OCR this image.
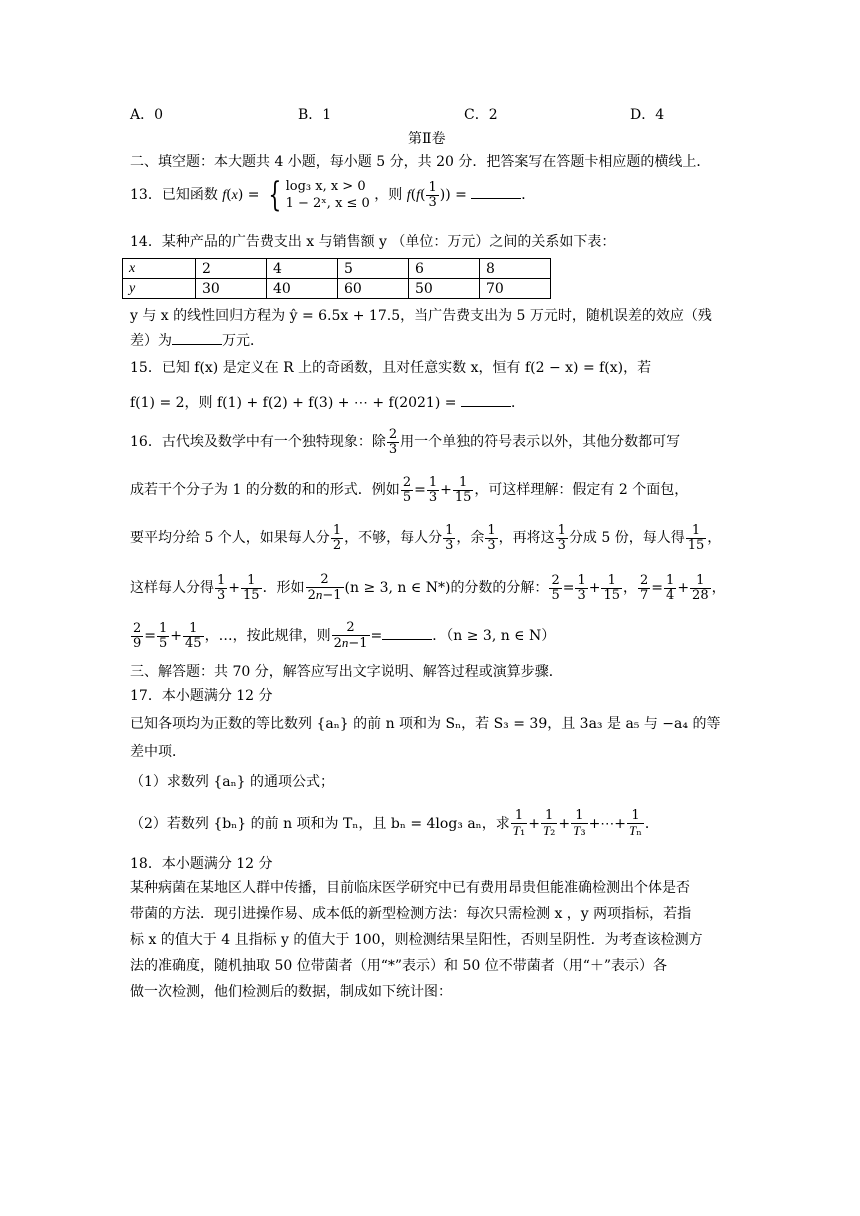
A．0	B．1	C．2	D．4
第Ⅱ卷
二、填空题：本大题共 4 小题，每小题 5 分，共 20 分．把答案写在答题卡相应题的横线上．
13．已知函数 f(x) = { log₃ x, x > 0
1 − 2ˣ, x ≤ 0
，则 $f(f( \frac{1}{3}$ )) =	．
14．某种产品的广告费支出 x 与销售额 y （单位：万元）之间的关系如下表：
x	2	4	5	6	8
y	30	40	60	50	70
y 与 x 的线性回归方程为 ŷ = 6.5x + 17.5，当广告费支出为 5 万元时，随机误差的效应（残
差）为	万元．
15．已知 f(x) 是定义在 R 上的奇函数，且对任意实数 x，恒有 f(2 − x) = f(x)，若
f(1) = 2，则 f(1) + f(2) + f(3) + ⋯ + f(2021) =	．
16．古代埃及数学中有一个独特现象：除 $\frac{2}{3}$ 用一个单独的符号表示以外，其他分数都可写
成若干个分子为 1 的分数的和的形式．例如 $\frac{2}{5} = \frac{1}{3} + \frac{1}{15}$ ，可这样理解：假定有 2 个面包，
要平均分给 5 个人，如果每人分 $\frac{1}{2}$ ，不够，每人分 $\frac{1}{3}$ ，余 $\frac{1}{3}$ ，再将这 $\frac{1}{3}$ 分成 5 份，每人得 $\frac{1}{15}$ ，
这样每人分得 $\frac{1}{3} + \frac{1}{15}$ ．形如 $\frac{2}{2n-1} (n \ge 3$, n ∈ N*)的分数的分解： $\frac{2}{5} = \frac{1}{3} + \frac{1}{15}$ ， $\frac{2}{7} = \frac{1}{4} + \frac{1}{28}$ ，
$\frac{2}{9} = \frac{1}{5} + \frac{1}{45}$ ，…，按此规律，则 $\frac{2}{2n-1}$ =	．（n ≥ 3, n ∈ N）
三、解答题：共 70 分，解答应写出文字说明、解答过程或演算步骤．
17．本小题满分 12 分
已知各项均为正数的等比数列 {aₙ} 的前 n 项和为 Sₙ，若 S₃ = 39，且 3a₃ 是 a₅ 与 −a₄ 的等
差中项．
（1）求数列 {aₙ} 的通项公式；
（2）若数列 {bₙ} 的前 n 项和为 Tₙ，且 bₙ = 4log₃ aₙ，求 $\frac{1}{\text{T₁}} + \frac{1}{\text{T₂}} + \frac{1}{\text{T₃}}$ +⋯+ $\frac{1}{\text{Tₙ}}$ ．
18．本小题满分 12 分
某种病菌在某地区人群中传播，目前临床医学研究中已有费用昂贵但能准确检测出个体是否
带菌的方法．现引进操作易、成本低的新型检测方法：每次只需检测 x ，y 两项指标，若指
标 x 的值大于 4 且指标 y 的值大于 100，则检测结果呈阳性，否则呈阴性．为考查该检测方
法的准确度，随机抽取 50 位带菌者（用“*”表示）和 50 位不带菌者（用“＋”表示）各
做一次检测，他们检测后的数据，制成如下统计图：
